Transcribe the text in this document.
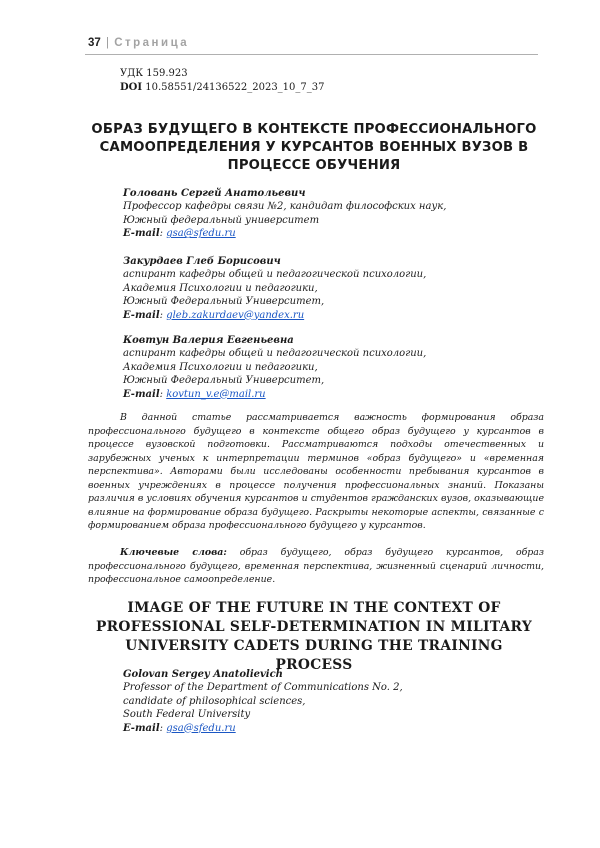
37 | Страница
УДК 159.923
DOI 10.58551/24136522_2023_10_7_37
ОБРАЗ БУДУЩЕГО В КОНТЕКСТЕ ПРОФЕССИОНАЛЬНОГО
САМООПРЕДЕЛЕНИЯ У КУРСАНТОВ ВОЕННЫХ ВУЗОВ В
ПРОЦЕССЕ ОБУЧЕНИЯ
Головань Сергей Анатольевич
Профессор кафедры связи №2, кандидат философских наук,
Южный федеральный университет
E-mail: gsa@sfedu.ru
Закурдаев Глеб Борисович
аспирант кафедры общей и педагогической психологии,
Академия Психологии и педагогики,
Южный Федеральный Университет,
E-mail: gleb.zakurdaev@yandex.ru
Ковтун Валерия Евгеньевна
аспирант кафедры общей и педагогической психологии,
Академия Психологии и педагогики,
Южный Федеральный Университет,
E-mail: kovtun_v.e@mail.ru
В данной статье рассматривается важность формирования образа профессионального будущего в контексте общего образ будущего у курсантов в процессе вузовской подготовки. Рассматриваются подходы отечественных и зарубежных ученых к интерпретации терминов «образ будущего» и «временная перспектива». Авторами были исследованы особенности пребывания курсантов в военных учреждениях в процессе получения профессиональных знаний. Показаны различия в условиях обучения курсантов и студентов гражданских вузов, оказывающие влияние на формирование образа будущего. Раскрыты некоторые аспекты, связанные с формированием образа профессионального будущего у курсантов.
Ключевые слова: образ будущего, образ будущего курсантов, образ профессионального будущего, временная перспектива, жизненный сценарий личности, профессиональное самоопределение.
IMAGE OF THE FUTURE IN THE CONTEXT OF
PROFESSIONAL SELF-DETERMINATION IN MILITARY
UNIVERSITY CADETS DURING THE TRAINING PROCESS
Golovan Sergey Anatolievich
Professor of the Department of Communications No. 2,
candidate of philosophical sciences,
South Federal University
E-mail: gsa@sfedu.ru
